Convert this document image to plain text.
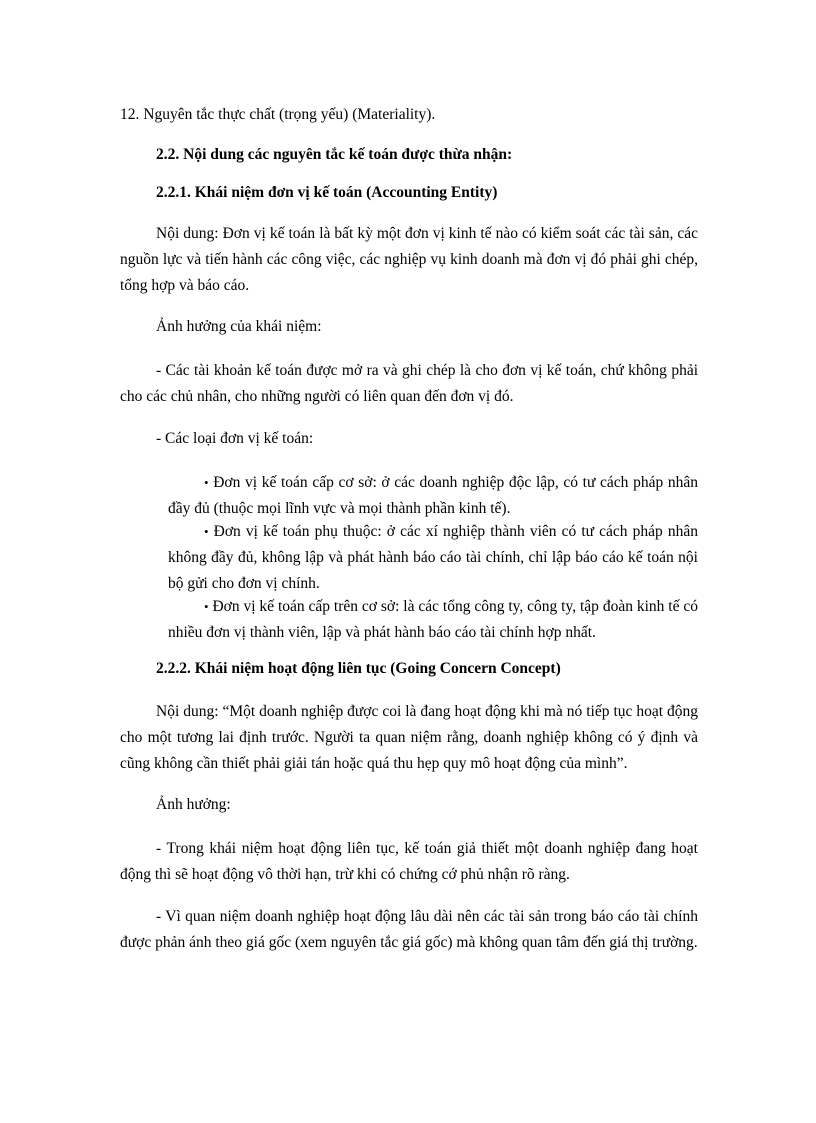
12. Nguyên tắc thực chất (trọng yếu) (Materiality).

2.2. Nội dung các nguyên tắc kế toán được thừa nhận:

2.2.1. Khái niệm đơn vị kế toán (Accounting Entity)

Nội dung: Đơn vị kế toán là bất kỳ một đơn vị kinh tế nào có kiểm soát các tài sản, các nguồn lực và tiến hành các công việc, các nghiệp vụ kinh doanh mà đơn vị đó phải ghi chép, tổng hợp và báo cáo.

Ảnh hưởng của khái niệm:

- Các tài khoản kế toán được mở ra và ghi chép là cho đơn vị kế toán, chứ không phải cho các chủ nhân, cho những người có liên quan đến đơn vị đó.

- Các loại đơn vị kế toán:

• Đơn vị kế toán cấp cơ sở: ở các doanh nghiệp độc lập, có tư cách pháp nhân đầy đủ (thuộc mọi lĩnh vực và mọi thành phần kinh tế).

• Đơn vị kế toán phụ thuộc: ở các xí nghiệp thành viên có tư cách pháp nhân không đầy đủ, không lập và phát hành báo cáo tài chính, chỉ lập báo cáo kế toán nội bộ gửi cho đơn vị chính.

• Đơn vị kế toán cấp trên cơ sở: là các tổng công ty, công ty, tập đoàn kinh tế có nhiều đơn vị thành viên, lập và phát hành báo cáo tài chính hợp nhất.

2.2.2. Khái niệm hoạt động liên tục (Going Concern Concept)

Nội dung: “Một doanh nghiệp được coi là đang hoạt động khi mà nó tiếp tục hoạt động cho một tương lai định trước. Người ta quan niệm rằng, doanh nghiệp không có ý định và cũng không cần thiết phải giải tán hoặc quá thu hẹp quy mô hoạt động của mình”.

Ảnh hưởng:

- Trong khái niệm hoạt động liên tục, kế toán giả thiết một doanh nghiệp đang hoạt động thì sẽ hoạt động vô thời hạn, trừ khi có chứng cớ phủ nhận rõ ràng.

- Vì quan niệm doanh nghiệp hoạt động lâu dài nên các tài sản trong báo cáo tài chính được phản ánh theo giá gốc (xem nguyên tắc giá gốc) mà không quan tâm đến giá thị trường.
